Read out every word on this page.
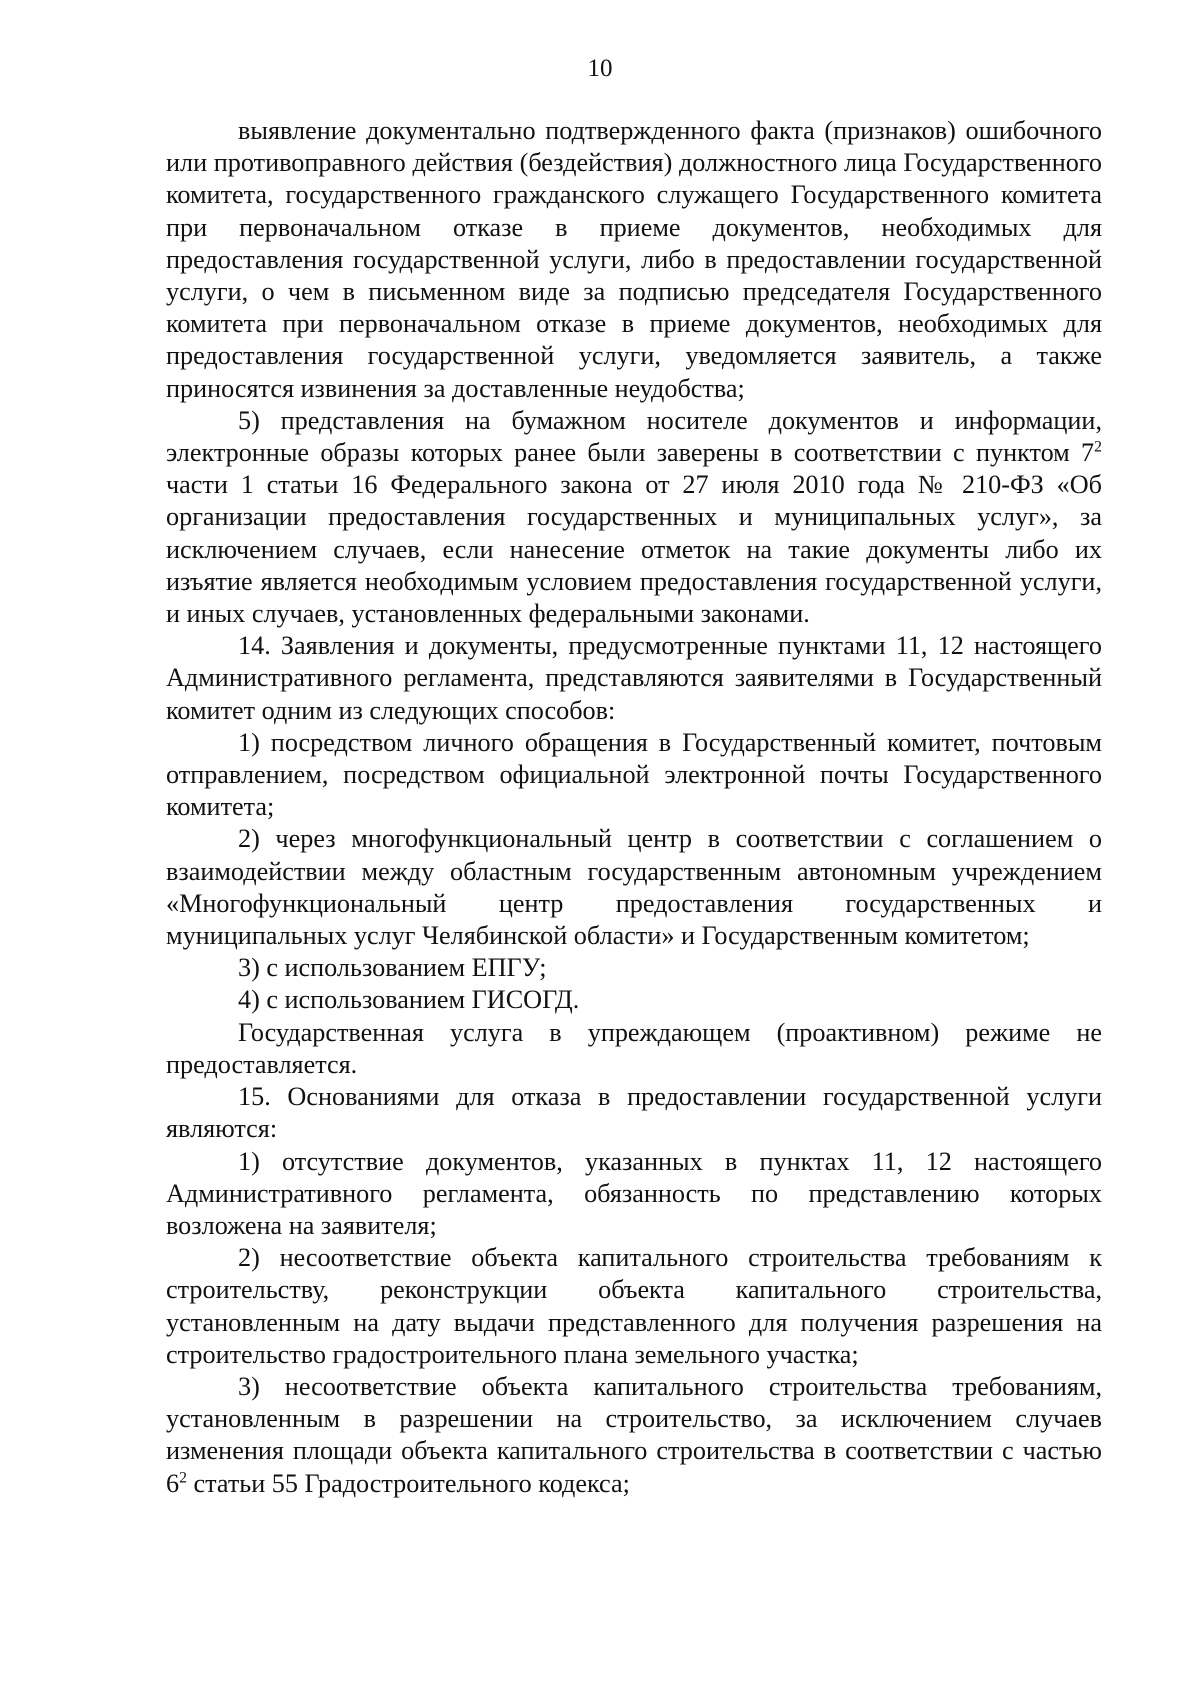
10

выявление документально подтвержденного факта (признаков) ошибочного или противоправного действия (бездействия) должностного лица Государственного комитета, государственного гражданского служащего Государственного комитета при первоначальном отказе в приеме документов, необходимых для предоставления государственной услуги, либо в предоставлении государственной услуги, о чем в письменном виде за подписью председателя Государственного комитета при первоначальном отказе в приеме документов, необходимых для предоставления государственной услуги, уведомляется заявитель, а также приносятся извинения за доставленные неудобства;

5) представления на бумажном носителе документов и информации, электронные образы которых ранее были заверены в соответствии с пунктом $7^2$ части 1 статьи 16 Федерального закона от 27 июля 2010 года № 210-ФЗ «Об организации предоставления государственных и муниципальных услуг», за исключением случаев, если нанесение отметок на такие документы либо их изъятие является необходимым условием предоставления государственной услуги, и иных случаев, установленных федеральными законами.

14. Заявления и документы, предусмотренные пунктами 11, 12 настоящего Административного регламента, представляются заявителями в Государственный комитет одним из следующих способов:

1) посредством личного обращения в Государственный комитет, почтовым отправлением, посредством официальной электронной почты Государственного комитета;

2) через многофункциональный центр в соответствии с соглашением о взаимодействии между областным государственным автономным учреждением «Многофункциональный центр предоставления государственных и муниципальных услуг Челябинской области» и Государственным комитетом;

3) с использованием ЕПГУ;

4) с использованием ГИСОГД.

Государственная услуга в упреждающем (проактивном) режиме не предоставляется.

15. Основаниями для отказа в предоставлении государственной услуги являются:

1) отсутствие документов, указанных в пунктах 11, 12 настоящего Административного регламента, обязанность по представлению которых возложена на заявителя;

2) несоответствие объекта капитального строительства требованиям к строительству, реконструкции объекта капитального строительства, установленным на дату выдачи представленного для получения разрешения на строительство градостроительного плана земельного участка;

3) несоответствие объекта капитального строительства требованиям, установленным в разрешении на строительство, за исключением случаев изменения площади объекта капитального строительства в соответствии с частью $6^2$ статьи 55 Градостроительного кодекса;
